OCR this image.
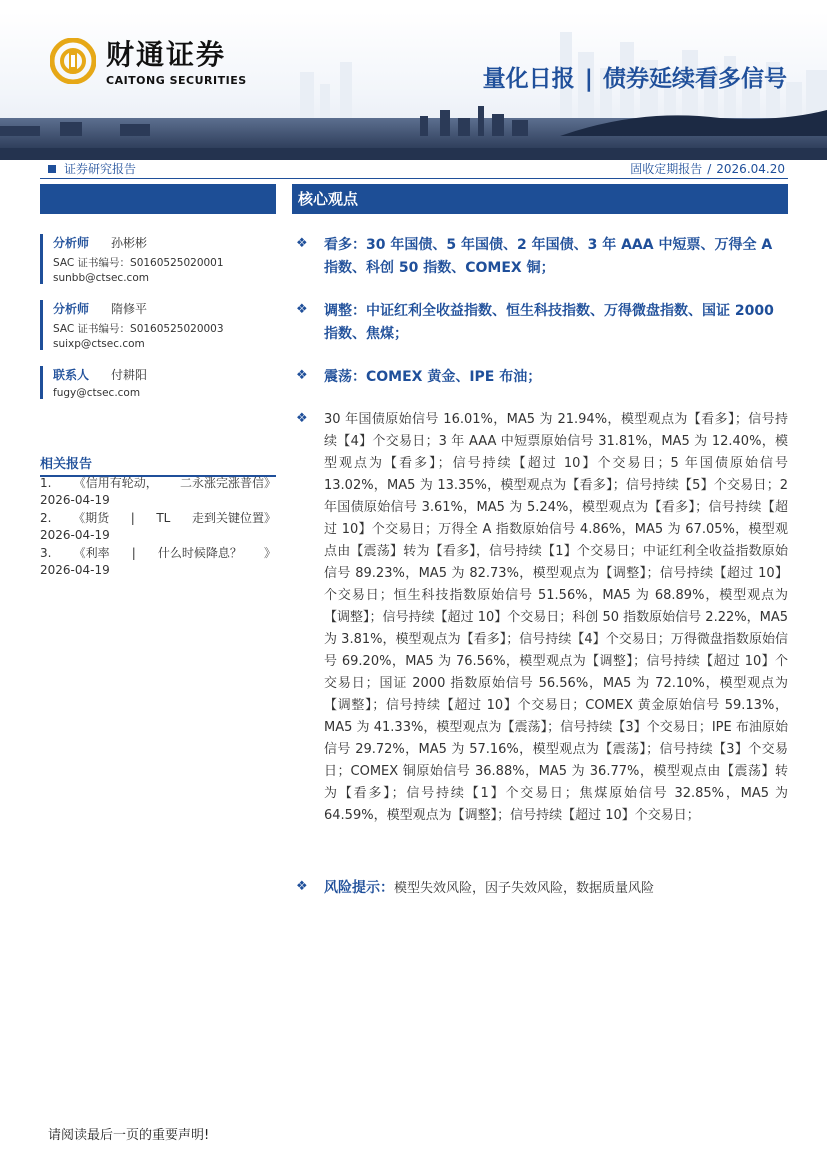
财通证券
CAITONG SECURITIES	量化日报 | 债券延续看多信号
证券研究报告	固收定期报告 / 2026.04.20
分析师 孙彬彬
SAC 证书编号：S0160525020001
sunbb@ctsec.com
分析师 隋修平
SAC 证书编号：S0160525020003
suixp@ctsec.com
联系人 付耕阳
fugy@ctsec.com
相关报告
1. 《信用有轮动， 二永涨完涨普信》
2026-04-19
2. 《期货 | TL 走到关键位置》
2026-04-19
3. 《利率 | 什么时候降息？ 》
2026-04-19
核心观点
❖ 看多：30 年国债、5 年国债、2 年国债、3 年 AAA 中短票、万得全 A 指数、科创 50 指数、COMEX 铜；
❖ 调整：中证红利全收益指数、恒生科技指数、万得微盘指数、国证 2000 指数、焦煤；
❖ 震荡：COMEX 黄金、IPE 布油；
❖ 30 年国债原始信号 16.01%，MA5 为 21.94%，模型观点为【看多】；信号持续【4】个交易日；3 年 AAA 中短票原始信号 31.81%，MA5 为 12.40%，模型观点为【看多】；信号持续【超过 10】个交易日；5 年国债原始信号 13.02%，MA5 为 13.35%，模型观点为【看多】；信号持续【5】个交易日；2 年国债原始信号 3.61%，MA5 为 5.24%，模型观点为【看多】；信号持续【超过 10】个交易日；万得全 A 指数原始信号 4.86%，MA5 为 67.05%，模型观点由【震荡】转为【看多】，信号持续【1】个交易日；中证红利全收益指数原始信号 89.23%，MA5 为 82.73%，模型观点为【调整】；信号持续【超过 10】个交易日；恒生科技指数原始信号 51.56%，MA5 为 68.89%，模型观点为【调整】；信号持续【超过 10】个交易日；科创 50 指数原始信号 2.22%，MA5 为 3.81%，模型观点为【看多】；信号持续【4】个交易日；万得微盘指数原始信号 69.20%，MA5 为 76.56%，模型观点为【调整】；信号持续【超过 10】个交易日；国证 2000 指数原始信号 56.56%，MA5 为 72.10%，模型观点为【调整】；信号持续【超过 10】个交易日；COMEX 黄金原始信号 59.13%，MA5 为 41.33%，模型观点为【震荡】；信号持续【3】个交易日；IPE 布油原始信号 29.72%，MA5 为 57.16%，模型观点为【震荡】；信号持续【3】个交易日；COMEX 铜原始信号 36.88%，MA5 为 36.77%，模型观点由【震荡】转为【看多】；信号持续【1】个交易日；焦煤原始信号 32.85%，MA5 为 64.59%，模型观点为【调整】；信号持续【超过 10】个交易日；
❖ 风险提示：模型失效风险，因子失效风险，数据质量风险
请阅读最后一页的重要声明!
